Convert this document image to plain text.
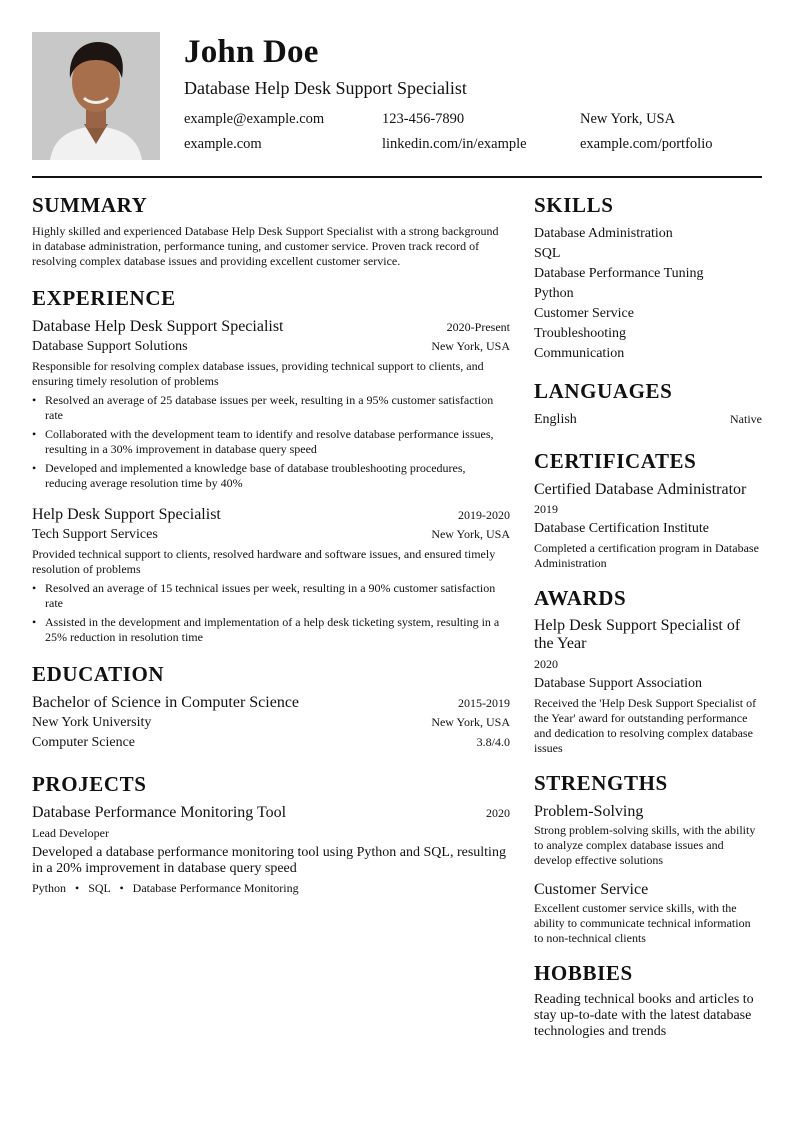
John Doe
Database Help Desk Support Specialist
example@example.com	123-456-7890	New York, USA
example.com	linkedin.com/in/example	example.com/portfolio
SUMMARY
Highly skilled and experienced Database Help Desk Support Specialist with a strong background in database administration, performance tuning, and customer service. Proven track record of resolving complex database issues and providing excellent customer service.
EXPERIENCE
Database Help Desk Support Specialist	2020-Present
Database Support Solutions	New York, USA
Responsible for resolving complex database issues, providing technical support to clients, and ensuring timely resolution of problems
• Resolved an average of 25 database issues per week, resulting in a 95% customer satisfaction rate
• Collaborated with the development team to identify and resolve database performance issues, resulting in a 30% improvement in database query speed
• Developed and implemented a knowledge base of database troubleshooting procedures, reducing average resolution time by 40%
Help Desk Support Specialist	2019-2020
Tech Support Services	New York, USA
Provided technical support to clients, resolved hardware and software issues, and ensured timely resolution of problems
• Resolved an average of 15 technical issues per week, resulting in a 90% customer satisfaction rate
• Assisted in the development and implementation of a help desk ticketing system, resulting in a 25% reduction in resolution time
EDUCATION
Bachelor of Science in Computer Science	2015-2019
New York University	New York, USA
Computer Science	3.8/4.0
PROJECTS
Database Performance Monitoring Tool	2020
Lead Developer
Developed a database performance monitoring tool using Python and SQL, resulting in a 20% improvement in database query speed
Python • SQL • Database Performance Monitoring
SKILLS
Database Administration
SQL
Database Performance Tuning
Python
Customer Service
Troubleshooting
Communication
LANGUAGES
English	Native
CERTIFICATES
Certified Database Administrator
2019
Database Certification Institute
Completed a certification program in Database Administration
AWARDS
Help Desk Support Specialist of the Year
2020
Database Support Association
Received the 'Help Desk Support Specialist of the Year' award for outstanding performance and dedication to resolving complex database issues
STRENGTHS
Problem-Solving
Strong problem-solving skills, with the ability to analyze complex database issues and develop effective solutions
Customer Service
Excellent customer service skills, with the ability to communicate technical information to non-technical clients
HOBBIES
Reading technical books and articles to stay up-to-date with the latest database technologies and trends
